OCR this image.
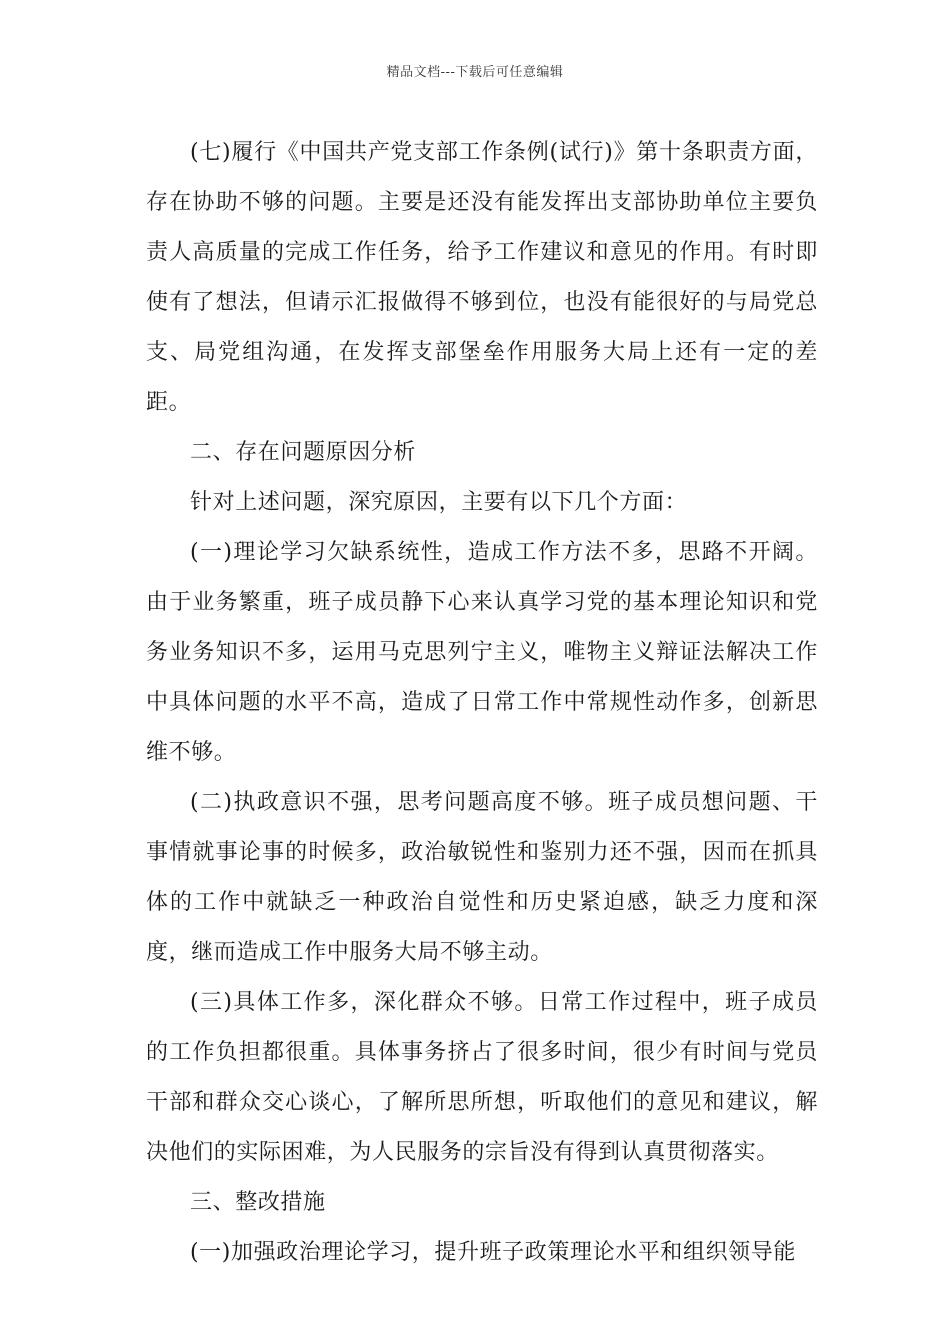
精品文档---下载后可任意编辑

(七)履行《中国共产党支部工作条例(试行)》第十条职责方面，存在协助不够的问题。主要是还没有能发挥出支部协助单位主要负责人高质量的完成工作任务，给予工作建议和意见的作用。有时即使有了想法，但请示汇报做得不够到位，也没有能很好的与局党总支、局党组沟通，在发挥支部堡垒作用服务大局上还有一定的差距。

二、存在问题原因分析

针对上述问题，深究原因，主要有以下几个方面：

(一)理论学习欠缺系统性，造成工作方法不多，思路不开阔。由于业务繁重，班子成员静下心来认真学习党的基本理论知识和党务业务知识不多，运用马克思列宁主义，唯物主义辩证法解决工作中具体问题的水平不高，造成了日常工作中常规性动作多，创新思维不够。

(二)执政意识不强，思考问题高度不够。班子成员想问题、干事情就事论事的时候多，政治敏锐性和鉴别力还不强，因而在抓具体的工作中就缺乏一种政治自觉性和历史紧迫感，缺乏力度和深度，继而造成工作中服务大局不够主动。

(三)具体工作多，深化群众不够。日常工作过程中，班子成员的工作负担都很重。具体事务挤占了很多时间，很少有时间与党员干部和群众交心谈心，了解所思所想，听取他们的意见和建议，解决他们的实际困难，为人民服务的宗旨没有得到认真贯彻落实。

三、整改措施

(一)加强政治理论学习，提升班子政策理论水平和组织领导能
